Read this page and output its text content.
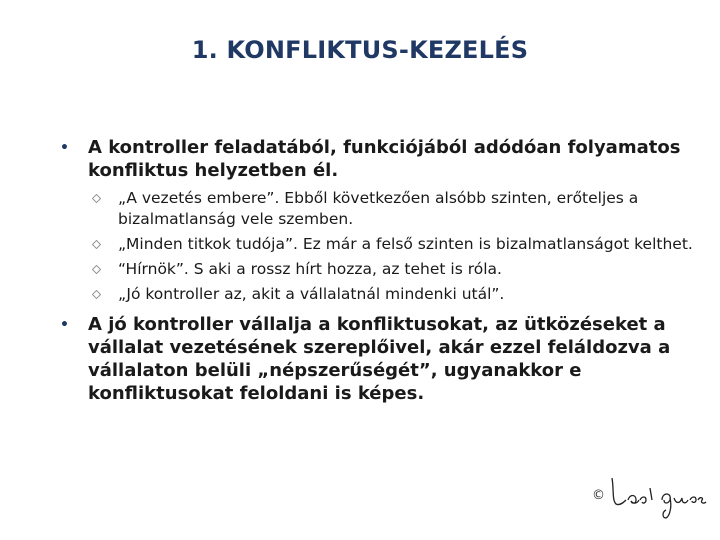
1. KONFLIKTUS-KEZELÉS
• A kontroller feladatából, funkciójából adódóan folyamatos konfliktus helyzetben él.
„A vezetés embere”. Ebből következően alsóbb szinten, erőteljes a bizalmatlanság vele szemben.
„Minden titkok tudója”. Ez már a felső szinten is bizalmatlanságot kelthet.
“Hírnök”. S aki a rossz hírt hozza, az tehet is róla.
„Jó kontroller az, akit a vállalatnál mindenki utál”.
• A jó kontroller vállalja a konfliktusokat, az ütközéseket a vállalat vezetésének szereplőivel, akár ezzel feláldozva a vállalaton belüli „népszerűségét”, ugyanakkor e konfliktusokat feloldani is képes.
©
